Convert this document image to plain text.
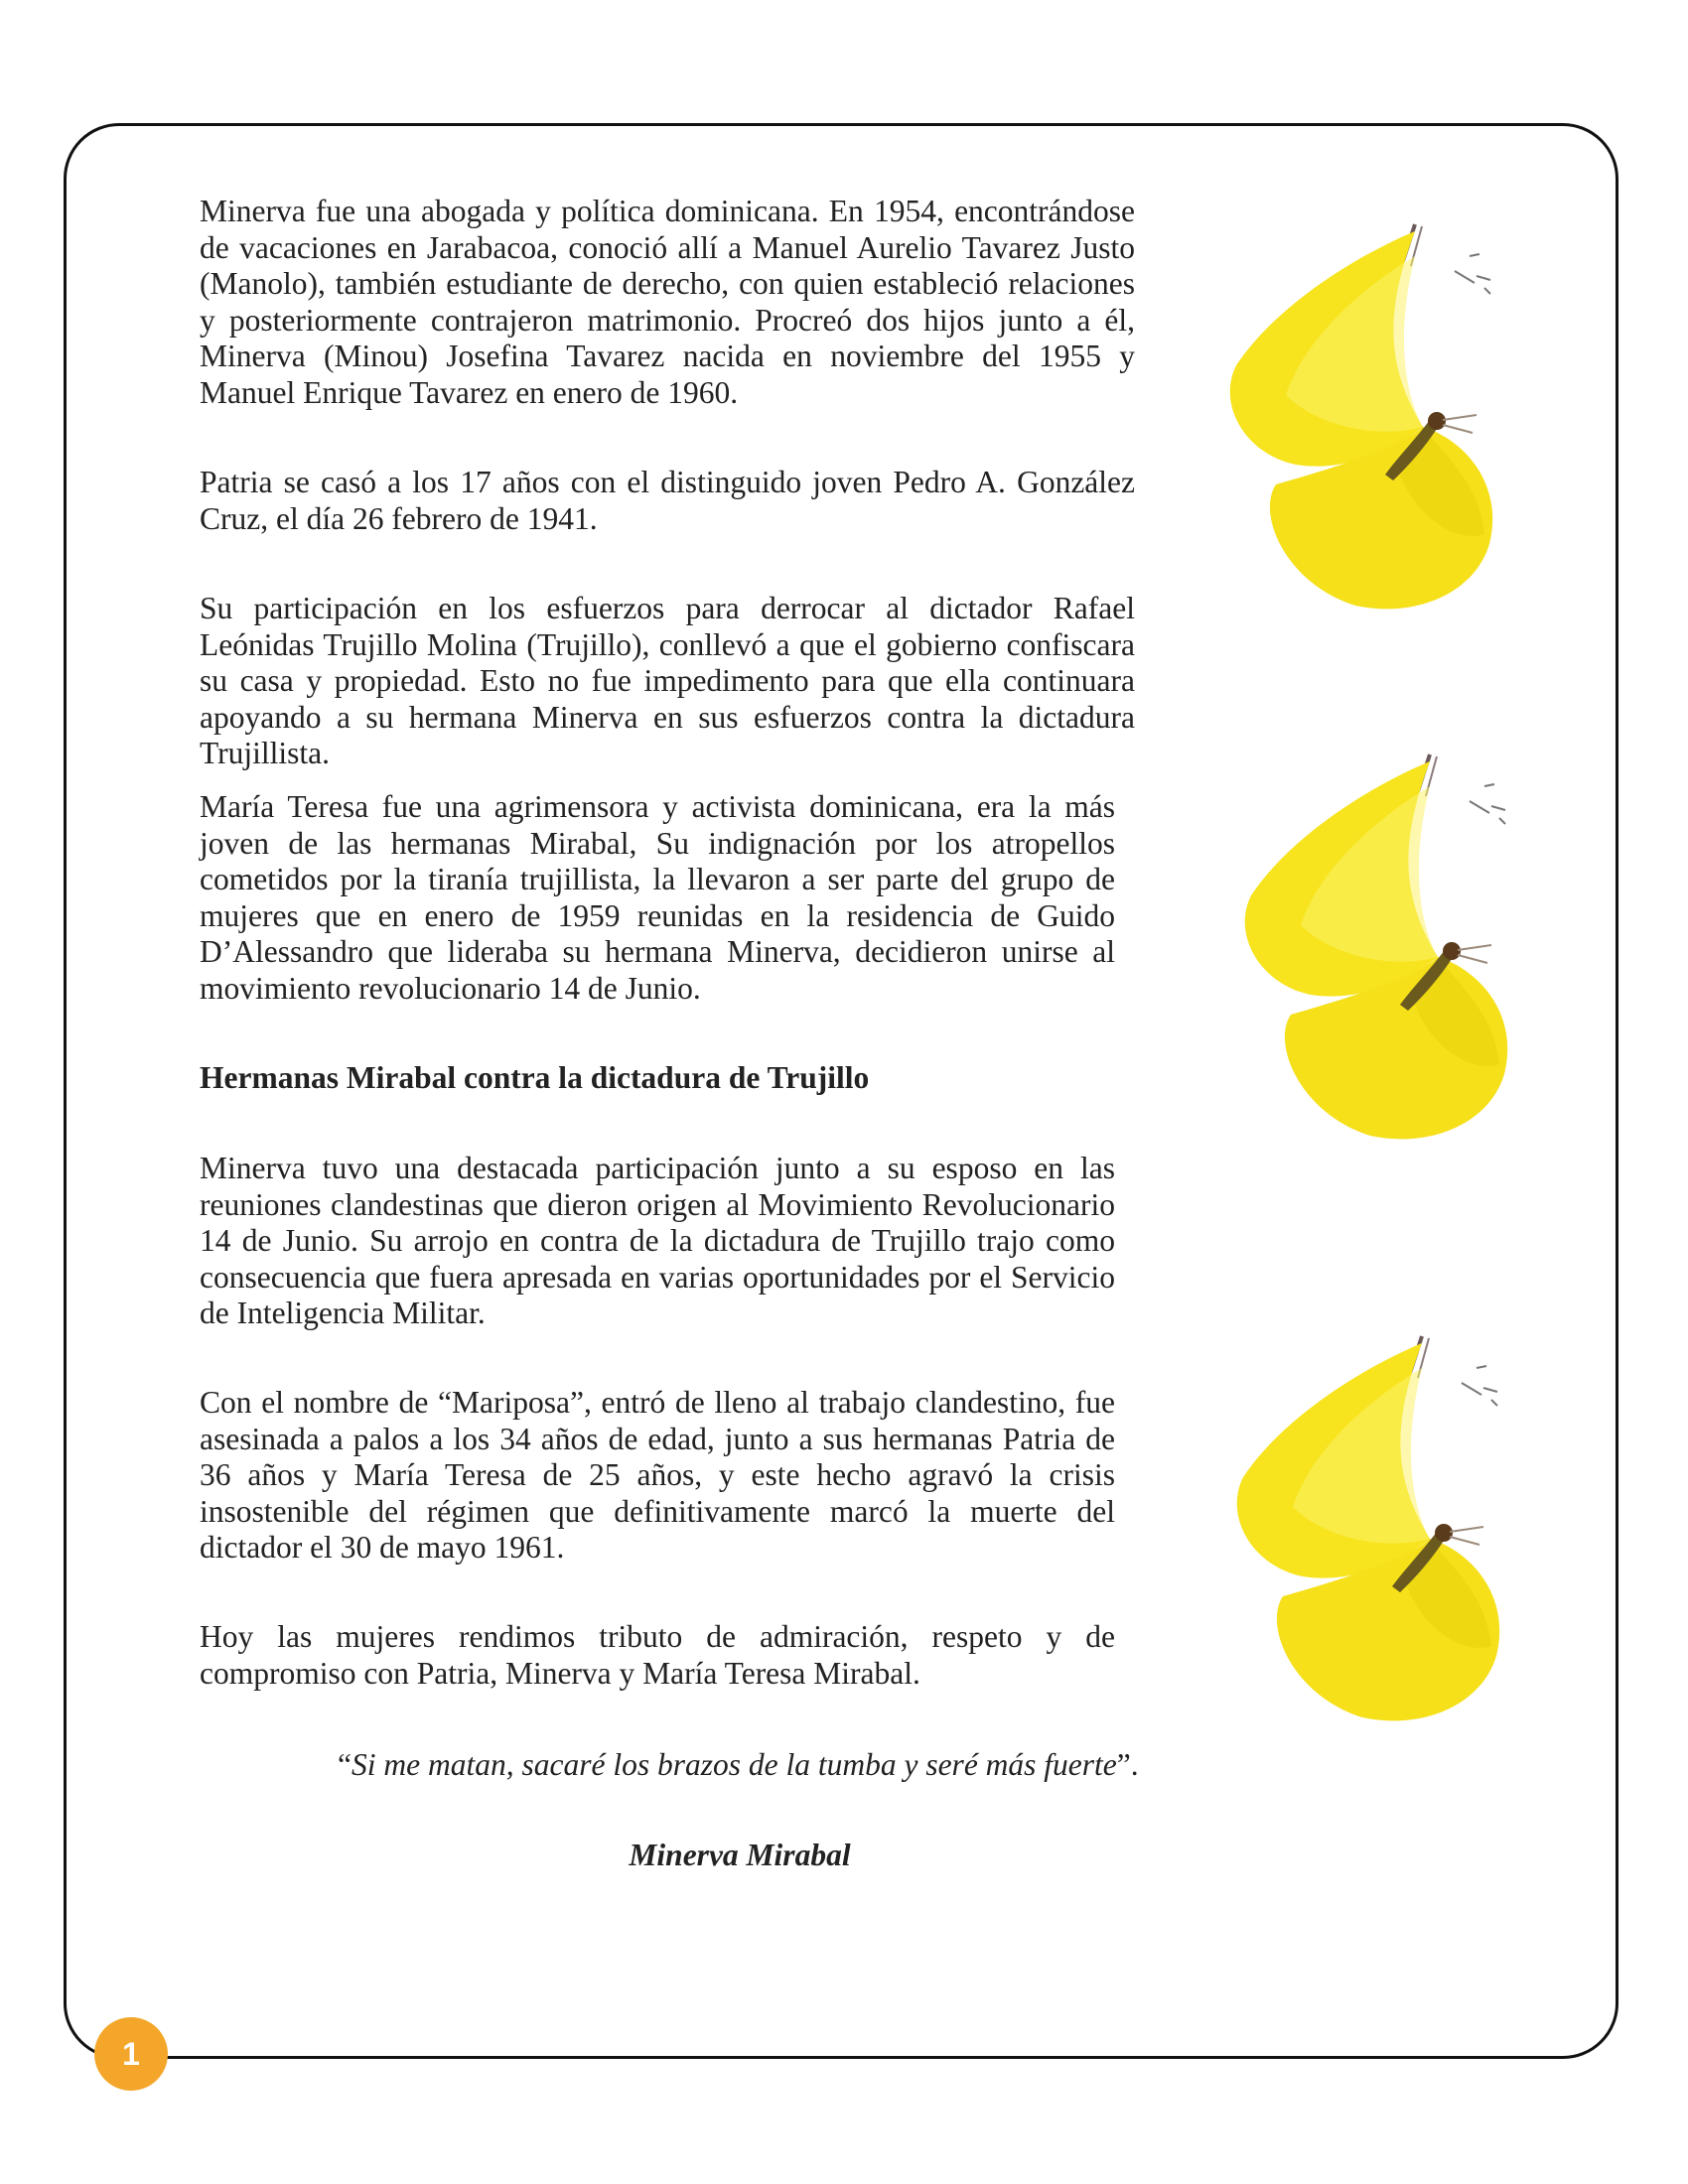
Minerva fue una abogada y política dominicana. En 1954, encontrándose de vacaciones en Jarabacoa, conoció allí a Manuel Aurelio Tavarez Justo (Manolo), también estudiante de derecho, con quien estableció relaciones y posteriormente contrajeron matrimonio. Procreó dos hijos junto a él, Minerva (Minou) Josefina Tavarez nacida en noviembre del 1955 y Manuel Enrique Tavarez en enero de 1960.

Patria se casó a los 17 años con el distinguido joven Pedro A. González Cruz, el día 26 febrero de 1941.

Su participación en los esfuerzos para derrocar al dictador Rafael Leónidas Trujillo Molina (Trujillo), conllevó a que el gobierno confiscara su casa y propiedad. Esto no fue impedimento para que ella continuara apoyando a su hermana Minerva en sus esfuerzos contra la dictadura Trujillista.

María Teresa fue una agrimensora y activista dominicana, era la más joven de las hermanas Mirabal, Su indignación por los atropellos cometidos por la tiranía trujillista, la llevaron a ser parte del grupo de mujeres que en enero de 1959 reunidas en la residencia de Guido D’Alessandro que lideraba su hermana Minerva, decidieron unirse al movimiento revolucionario 14 de Junio.

Hermanas Mirabal contra la dictadura de Trujillo

Minerva tuvo una destacada participación junto a su esposo en las reuniones clandestinas que dieron origen al Movimiento Revolucionario 14 de Junio. Su arrojo en contra de la dictadura de Trujillo trajo como consecuencia que fuera apresada en varias oportunidades por el Servicio de Inteligencia Militar.

Con el nombre de “Mariposa”, entró de lleno al trabajo clandestino, fue asesinada a palos a los 34 años de edad, junto a sus hermanas Patria de 36 años y María Teresa de 25 años, y este hecho agravó la crisis insostenible del régimen que definitivamente marcó la muerte del dictador el 30 de mayo 1961.

Hoy las mujeres rendimos tributo de admiración, respeto y de compromiso con Patria, Minerva y María Teresa Mirabal.

“Si me matan, sacaré los brazos de la tumba y seré más fuerte”.
Minerva Mirabal
1
